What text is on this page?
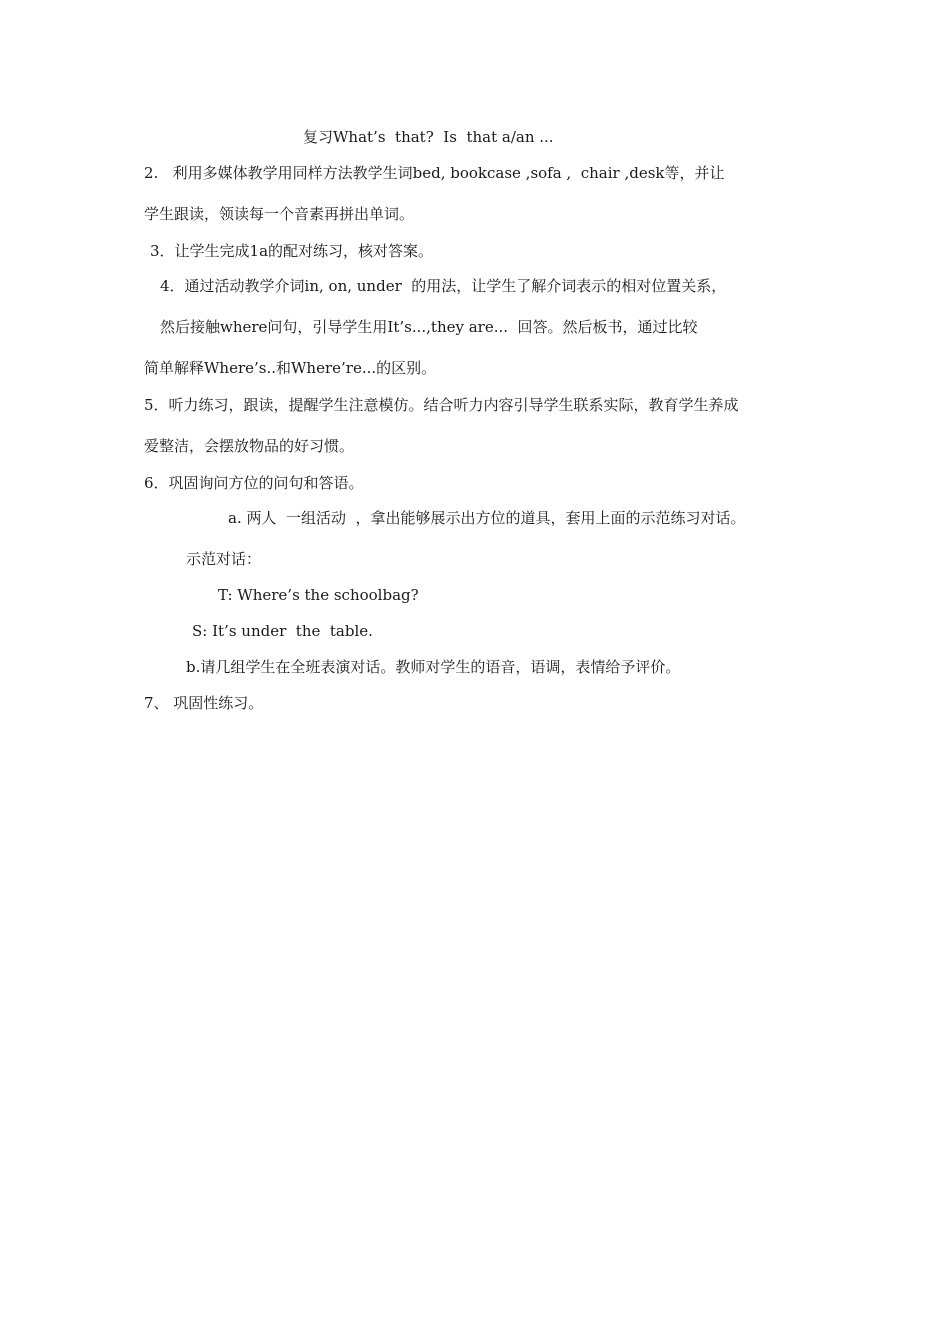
复习What’s  that?  Is  that a/an ...
2.   利用多媒体教学用同样方法教学生词bed, bookcase ,sofa ,  chair ,desk等，并让
学生跟读，领读每一个音素再拼出单词。
3．让学生完成1a的配对练习，核对答案。
4．通过活动教学介词in, on, under  的用法，让学生了解介词表示的相对位置关系，
然后接触where问句，引导学生用It’s...,they are...  回答。然后板书，通过比较
简单解释Where’s..和Where’re...的区别。
5．听力练习，跟读，提醒学生注意模仿。结合听力内容引导学生联系实际，教育学生养成
爱整洁，会摆放物品的好习惯。
6．巩固询问方位的问句和答语。
a. 两人  一组活动  ，拿出能够展示出方位的道具，套用上面的示范练习对话。
示范对话：
T: Where’s the schoolbag?
S: It’s under  the  table.
b.请几组学生在全班表演对话。教师对学生的语音，语调，表情给予评价。
7、 巩固性练习。
